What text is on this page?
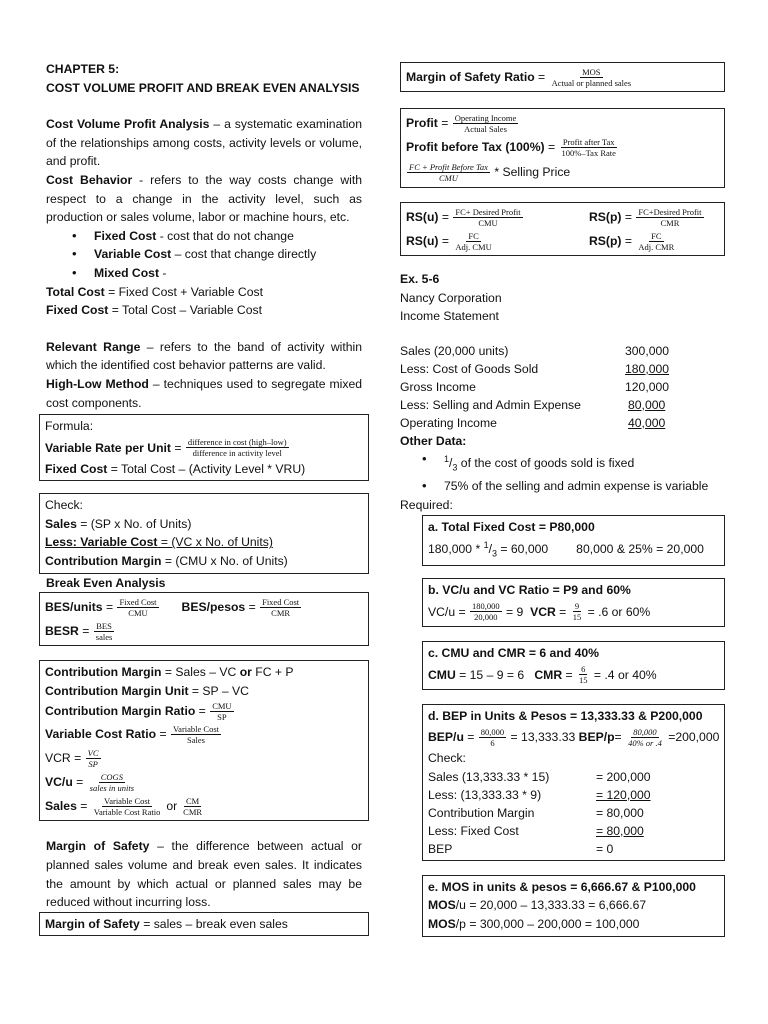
CHAPTER 5:

COST VOLUME PROFIT AND BREAK EVEN ANALYSIS

Cost Volume Profit Analysis – a systematic examination of the relationships among costs, activity levels or volume, and profit.

Cost Behavior - refers to the way costs change with respect to a change in the activity level, such as production or sales volume, labor or machine hours, etc.

• Fixed Cost - cost that do not change
• Variable Cost – cost that change directly
• Mixed Cost -

Total Cost = Fixed Cost + Variable Cost

Fixed Cost = Total Cost – Variable Cost

Relevant Range – refers to the band of activity within which the identified cost behavior patterns are valid.

High-Low Method – techniques used to segregate mixed cost components.

Formula:

Variable Rate per Unit = $\frac{\text{difference in cost (high–low)}}{\text{difference in activity level}}$

Fixed Cost = Total Cost – (Activity Level * VRU)

Check:

Sales = (SP x No. of Units)

Less: Variable Cost = (VC x No. of Units)

Contribution Margin = (CMU x No. of Units)

Break Even Analysis

BES/units = $\frac{\text{Fixed Cost}}{\text{CMU}}$ BES/pesos = $\frac{\text{Fixed Cost}}{\text{CMR}}$
BESR = $\frac{\text{BES}}{\text{sales}}$

Contribution Margin = Sales – VC or FC + P

Contribution Margin Unit = SP – VC

Contribution Margin Ratio = $\frac{\text{CMU}}{SP}$
Variable Cost Ratio = $\frac{\text{Variable Cost}}{\text{Sales}}$
VCR = $\frac{VC}{SP}$
$VC/u = \frac{\text{COGS}}{\text{sales in units}}$
Sales = $\frac{\text{Variable Cost}}{\text{Variable Cost Ratio}}$ or $\frac{CM}{\text{CMR}}$

Margin of Safety – the difference between actual or planned sales volume and break even sales. It indicates the amount by which actual or planned sales may be reduced without incurring loss.

Margin of Safety = sales – break even sales

Margin of Safety Ratio = $\frac{\text{MOS}}{\text{Actual or planned sales}}$
Profit = $\frac{\text{Operating Income}}{\text{Actual Sales}}$
Profit before Tax $(100\%) = \frac{\text{Profit after Tax}}{\text{100\%–Tax Rate}}$
$\frac{\text{FC + Profit Before Tax}}{\text{CMU}}$ * Selling Price
$RS(u) = \frac{\text{FC+ Desired Profit}}{\text{CMU}}$	$RS(p) = \frac{\text{FC+Desired Profit}}{\text{CMR}}$
$RS(u) = \frac{FC}{\text{Adj. CMU}}$	$RS(p) = \frac{FC}{\text{Adj. CMR}}$

Ex. 5-6

Nancy Corporation

Income Statement

Sales (20,000 units)	300,000
Less: Cost of Goods Sold	180,000
Gross Income	120,000
Less: Selling and Admin Expense	80,000
Operating Income	40,000

Other Data:

• $^1/_3$ of the cost of goods sold is fixed
• 75% of the selling and admin expense is variable

Required:

a. Total Fixed Cost = P80,000

$180,000 * ^1/_3 = 60,000$ 80,000 & 25% = 20,000

b. VC/u and VC Ratio = P9 and 60%

$VC/u = \frac{180,000}{20,000} = 9$ VCR = $\frac{9}{15} = .6$ or 60%

c. CMU and CMR = 6 and 40%

CMU = 15 – 9 = 6 CMR = $\frac{6}{15} = .4$ or 40%

d. BEP in Units & Pesos = 13,333.33 & P200,000

$BEP/u = \frac{80,000}{6} = 13,333.33$ $BEP/p = \frac{80,000}{40\% or .4} =200,000$

Check:

Sales (13,333.33 * 15)	= 200,000
Less: (13,333.33 * 9)	= 120,000
Contribution Margin	= 80,000
Less: Fixed Cost	= 80,000
BEP	= 0

e. MOS in units & pesos = 6,666.67 & P100,000

MOS/u = 20,000 – 13,333.33 = 6,666.67

MOS/p = 300,000 – 200,000 = 100,000
